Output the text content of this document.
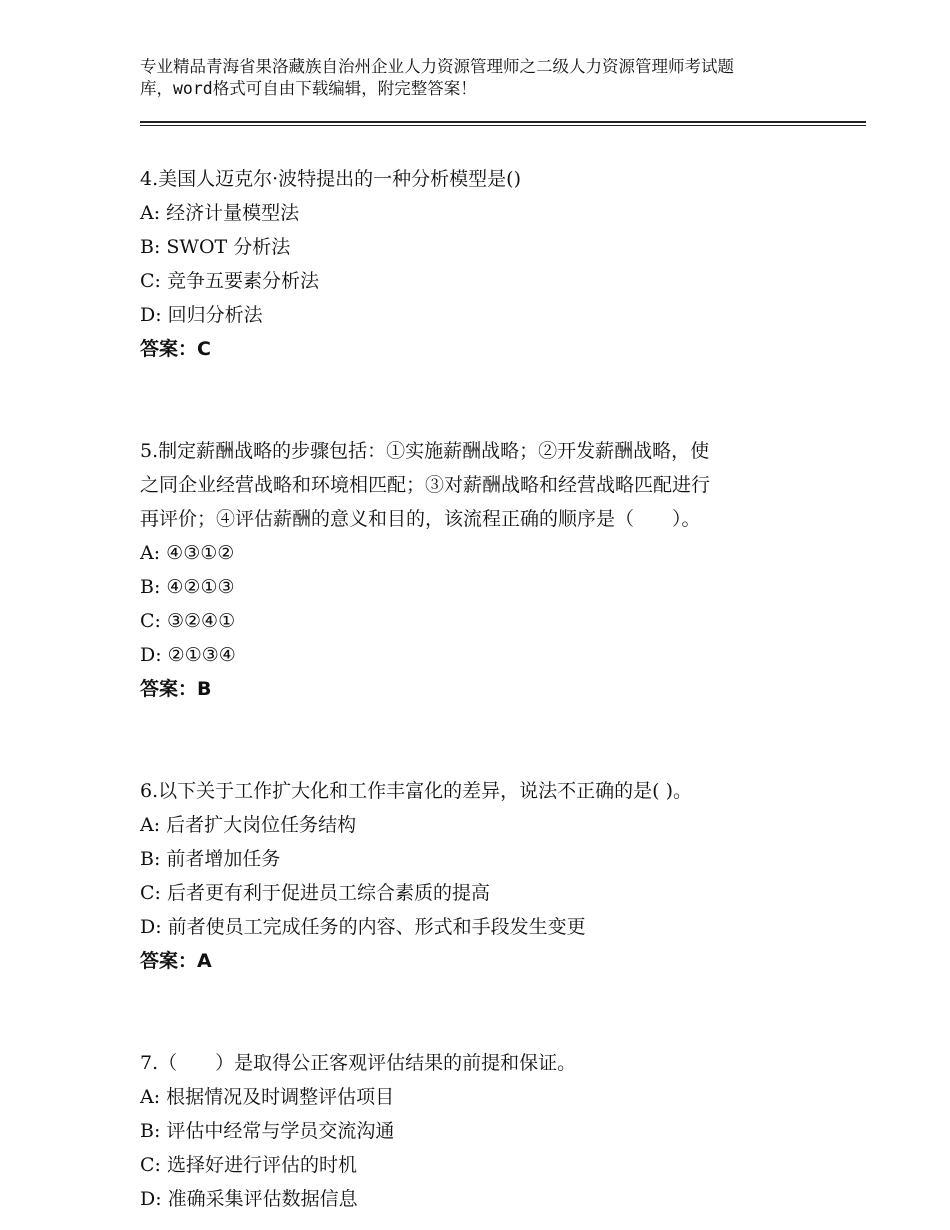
专业精品青海省果洛藏族自治州企业人力资源管理师之二级人力资源管理师考试题
库，word格式可自由下载编辑，附完整答案！

4.美国人迈克尔·波特提出的一种分析模型是()

A: 经济计量模型法

B: SWOT 分析法

C: 竞争五要素分析法

D: 回归分析法

答案：C

5.制定薪酬战略的步骤包括：①实施薪酬战略；②开发薪酬战略，使

之同企业经营战略和环境相匹配；③对薪酬战略和经营战略匹配进行

再评价；④评估薪酬的意义和目的，该流程正确的顺序是（　　）。

A: ④③①②

B: ④②①③

C: ③②④①

D: ②①③④

答案：B

6.以下关于工作扩大化和工作丰富化的差异，说法不正确的是( )。

A: 后者扩大岗位任务结构

B: 前者增加任务

C: 后者更有利于促进员工综合素质的提高

D: 前者使员工完成任务的内容、形式和手段发生变更

答案：A

7.（　　）是取得公正客观评估结果的前提和保证。

A: 根据情况及时调整评估项目

B: 评估中经常与学员交流沟通

C: 选择好进行评估的时机

D: 准确采集评估数据信息
